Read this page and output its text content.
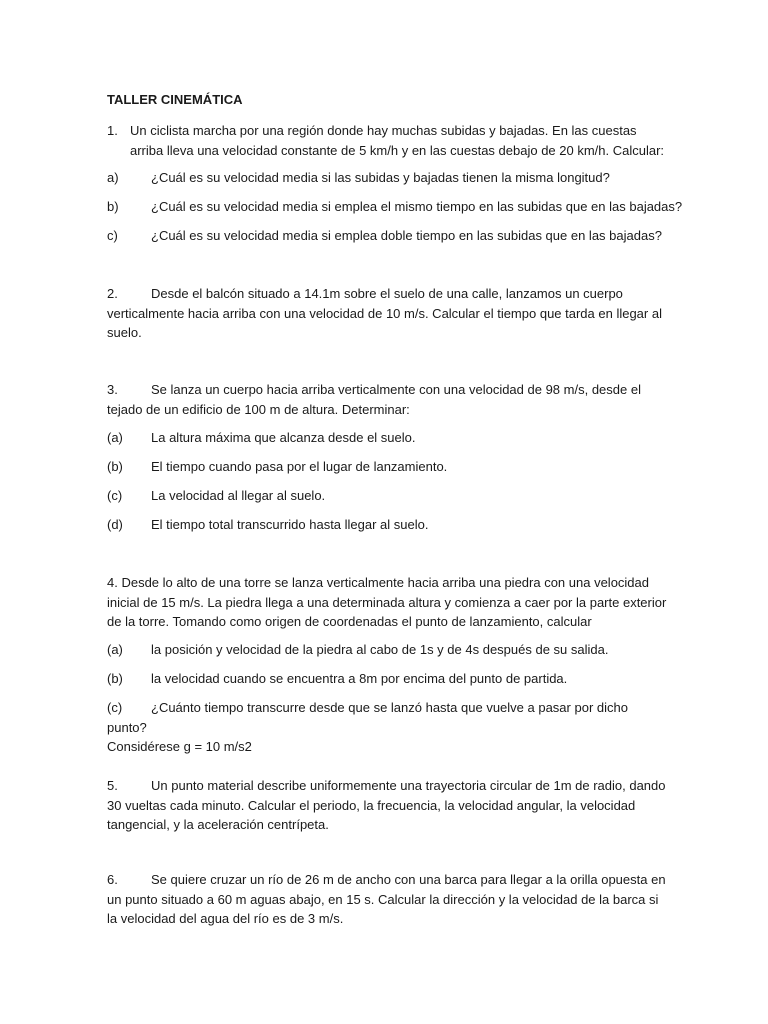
TALLER CINEMÁTICA
1. Un ciclista marcha por una región donde hay muchas subidas y bajadas. En las cuestas arriba lleva una velocidad constante de 5 km/h y en las cuestas debajo de 20 km/h. Calcular:
a)	¿Cuál es su velocidad media si las subidas y bajadas tienen la misma longitud?
b)	¿Cuál es su velocidad media si emplea el mismo tiempo en las subidas que en las bajadas?
c)	¿Cuál es su velocidad media si emplea doble tiempo en las subidas que en las bajadas?
2.	Desde el balcón situado a 14.1m sobre el suelo de una calle, lanzamos un cuerpo verticalmente hacia arriba con una velocidad de 10 m/s. Calcular el tiempo que tarda en llegar al suelo.
3.	Se lanza un cuerpo hacia arriba verticalmente con una velocidad de 98 m/s, desde el tejado de un edificio de 100 m de altura. Determinar:
(a)	La altura máxima que alcanza desde el suelo.
(b)	El tiempo cuando pasa por el lugar de lanzamiento.
(c)	La velocidad al llegar al suelo.
(d)	El tiempo total transcurrido hasta llegar al suelo.
4. Desde lo alto de una torre se lanza verticalmente hacia arriba una piedra con una velocidad inicial de 15 m/s. La piedra llega a una determinada altura y comienza a caer por la parte exterior de la torre. Tomando como origen de coordenadas el punto de lanzamiento, calcular
(a)	la posición y velocidad de la piedra al cabo de 1s y de 4s después de su salida.
(b)	la velocidad cuando se encuentra a 8m por encima del punto de partida.
(c) ¿Cuánto tiempo transcurre desde que se lanzó hasta que vuelve a pasar por dicho punto?
Considérese g = 10 m/s2
5.	Un punto material describe uniformemente una trayectoria circular de 1m de radio, dando 30 vueltas cada minuto. Calcular el periodo, la frecuencia, la velocidad angular, la velocidad tangencial, y la aceleración centrípeta.
6.	Se quiere cruzar un río de 26 m de ancho con una barca para llegar a la orilla opuesta en un punto situado a 60 m aguas abajo, en 15 s. Calcular la dirección y la velocidad de la barca si la velocidad del agua del río es de 3 m/s.
